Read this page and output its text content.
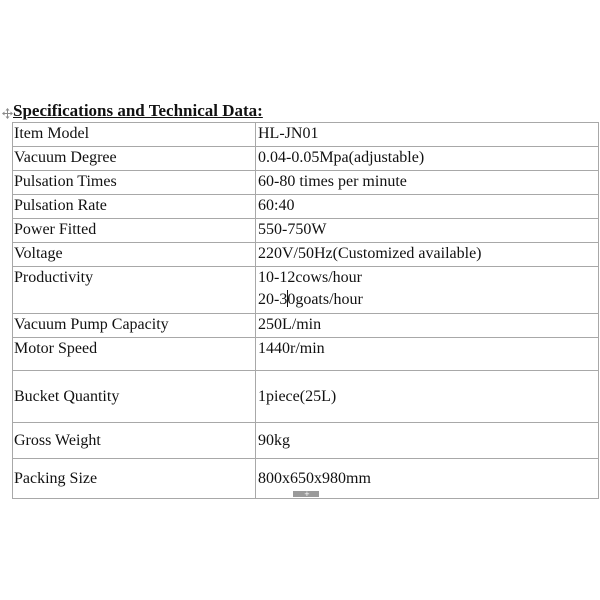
Specifications and Technical Data:
Item Model	HL-JN01
Vacuum Degree	0.04-0.05Mpa(adjustable)
Pulsation Times	60-80 times per minute
Pulsation Rate	60:40
Power Fitted	550-750W
Voltage	220V/50Hz(Customized available)
Productivity	10-12cows/hour
20-30goats/hour

Vacuum Pump Capacity	250L/min
Motor Speed	1440r/min
Bucket Quantity	1piece(25L)
Gross Weight	90kg
Packing Size	800x650x980mm
+
